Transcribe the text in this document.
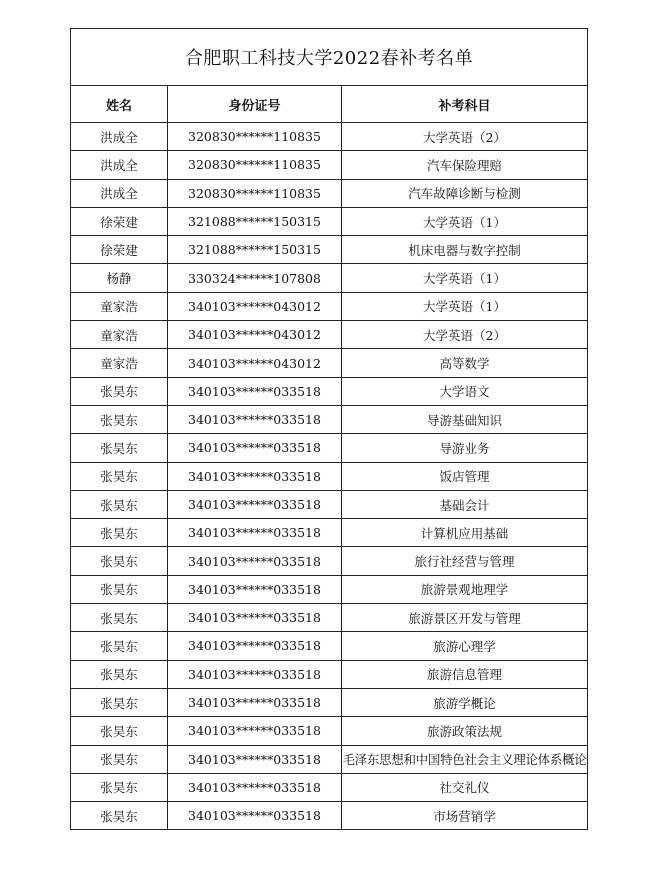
合肥职工科技大学2022春补考名单		
姓名	身份证号	补考科目
洪成全	320830******110835	大学英语（2）
洪成全	320830******110835	汽车保险理赔
洪成全	320830******110835	汽车故障诊断与检测
徐荣建	321088******150315	大学英语（1）
徐荣建	321088******150315	机床电器与数字控制
杨静	330324******107808	大学英语（1）
童家浩	340103******043012	大学英语（1）
童家浩	340103******043012	大学英语（2）
童家浩	340103******043012	高等数学
张昊东	340103******033518	大学语文
张昊东	340103******033518	导游基础知识
张昊东	340103******033518	导游业务
张昊东	340103******033518	饭店管理
张昊东	340103******033518	基础会计
张昊东	340103******033518	计算机应用基础
张昊东	340103******033518	旅行社经营与管理
张昊东	340103******033518	旅游景观地理学
张昊东	340103******033518	旅游景区开发与管理
张昊东	340103******033518	旅游心理学
张昊东	340103******033518	旅游信息管理
张昊东	340103******033518	旅游学概论
张昊东	340103******033518	旅游政策法规
张昊东	340103******033518	毛泽东思想和中国特色社会主义理论体系概论
张昊东	340103******033518	社交礼仪
张昊东	340103******033518	市场营销学
